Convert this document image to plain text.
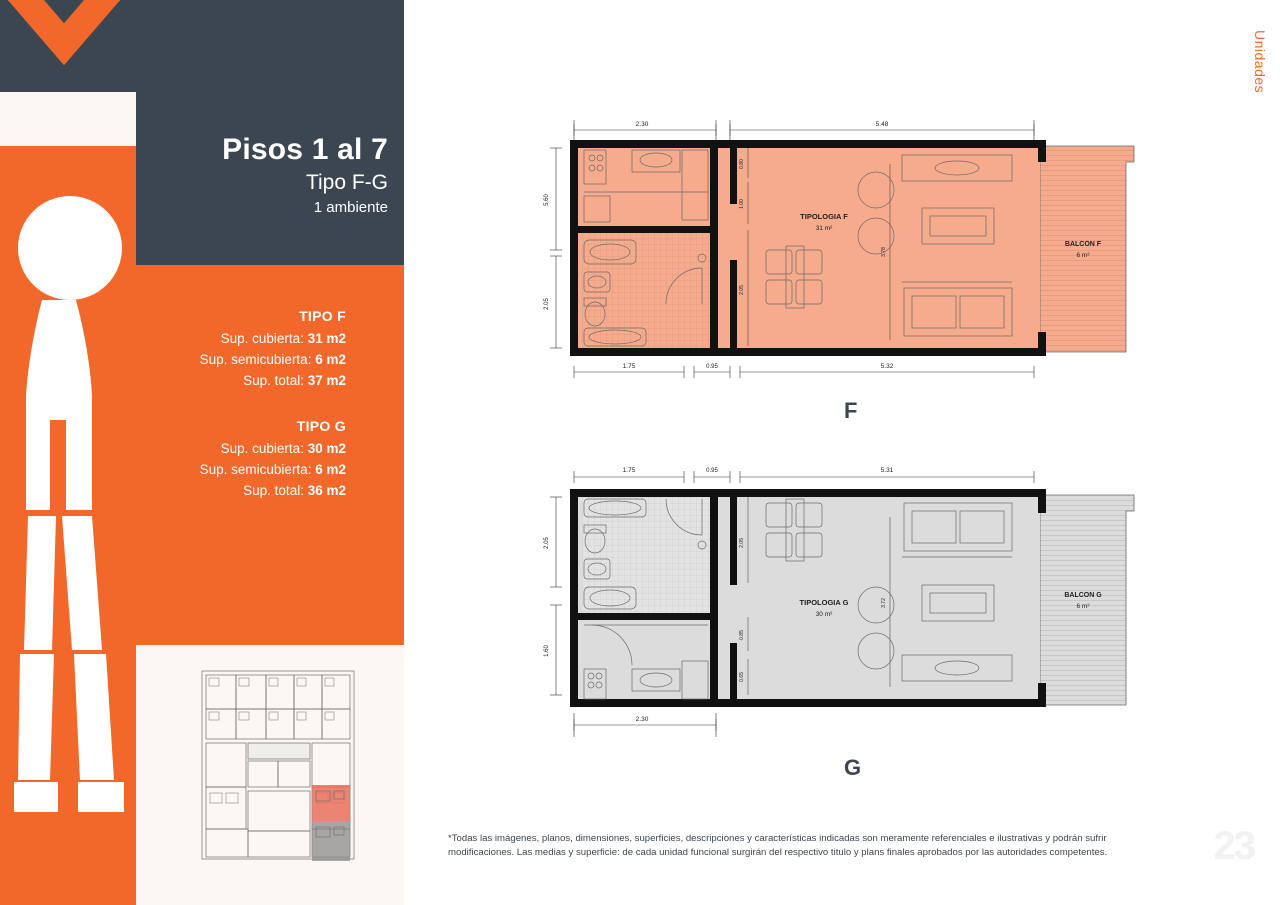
Pisos 1 al 7
Tipo F-G
1 ambiente
TIPO F
Sup. cubierta: 31 m2
Sup. semicubierta: 6 m2
Sup. total: 37 m2
TIPO G
Sup. cubierta: 30 m2
Sup. semicubierta: 6 m2
Sup. total: 36 m2
Unidades
23
2.30	5.48
5.60
2.05
0.80
1.00
2.05
3.78
TIPOLOGIA F
31 m²
BALCON F
6 m²
1.75	0.95	5.32
F
1.75	0.95	5.31
2.05
1.60
2.05
0.85
0.65
3.72
TIPOLOGIA G
30 m²
BALCON G
6 m²
2.30
G
*Todas las imágenes, planos, dimensiones, superficies, descripciones y características indicadas son meramente referenciales e ilustrativas y podrán sufrir modificaciones. Las medias y superficie: de cada unidad funcional surgirán del respectivo titulo y plans finales aprobados por las autoridades competentes.
